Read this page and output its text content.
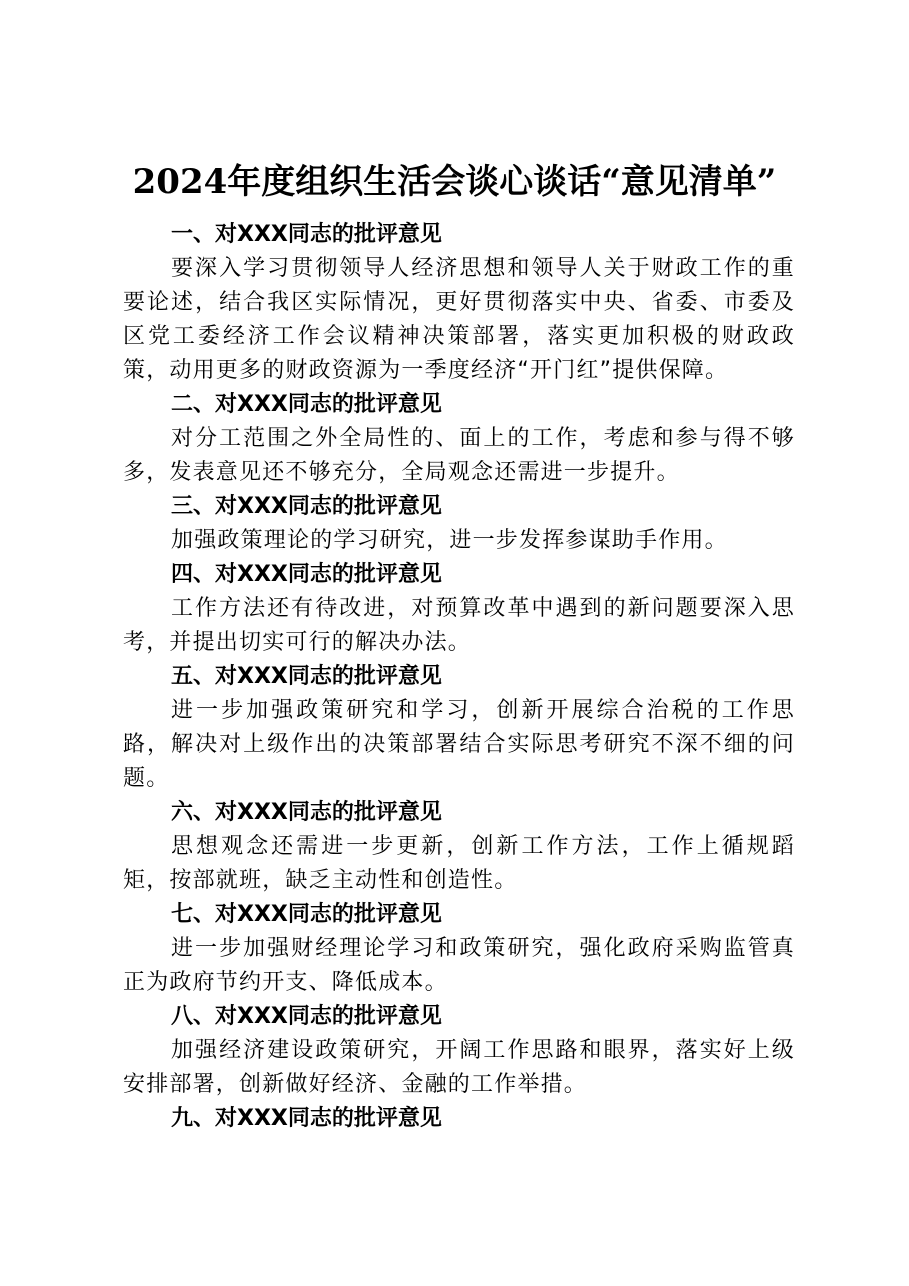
2024年度组织生活会谈心谈话“意见清单”
一、对XXX同志的批评意见
要深入学习贯彻领导人经济思想和领导人关于财政工作的重要论述，结合我区实际情况，更好贯彻落实中央、省委、市委及区党工委经济工作会议精神决策部署，落实更加积极的财政政策，动用更多的财政资源为一季度经济“开门红”提供保障。
二、对XXX同志的批评意见
对分工范围之外全局性的、面上的工作，考虑和参与得不够多，发表意见还不够充分，全局观念还需进一步提升。
三、对XXX同志的批评意见
加强政策理论的学习研究，进一步发挥参谋助手作用。
四、对XXX同志的批评意见
工作方法还有待改进，对预算改革中遇到的新问题要深入思考，并提出切实可行的解决办法。
五、对XXX同志的批评意见
进一步加强政策研究和学习，创新开展综合治税的工作思路，解决对上级作出的决策部署结合实际思考研究不深不细的问题。
六、对XXX同志的批评意见
思想观念还需进一步更新，创新工作方法，工作上循规蹈矩，按部就班，缺乏主动性和创造性。
七、对XXX同志的批评意见
进一步加强财经理论学习和政策研究，强化政府采购监管真正为政府节约开支、降低成本。
八、对XXX同志的批评意见
加强经济建设政策研究，开阔工作思路和眼界，落实好上级安排部署，创新做好经济、金融的工作举措。
九、对XXX同志的批评意见
